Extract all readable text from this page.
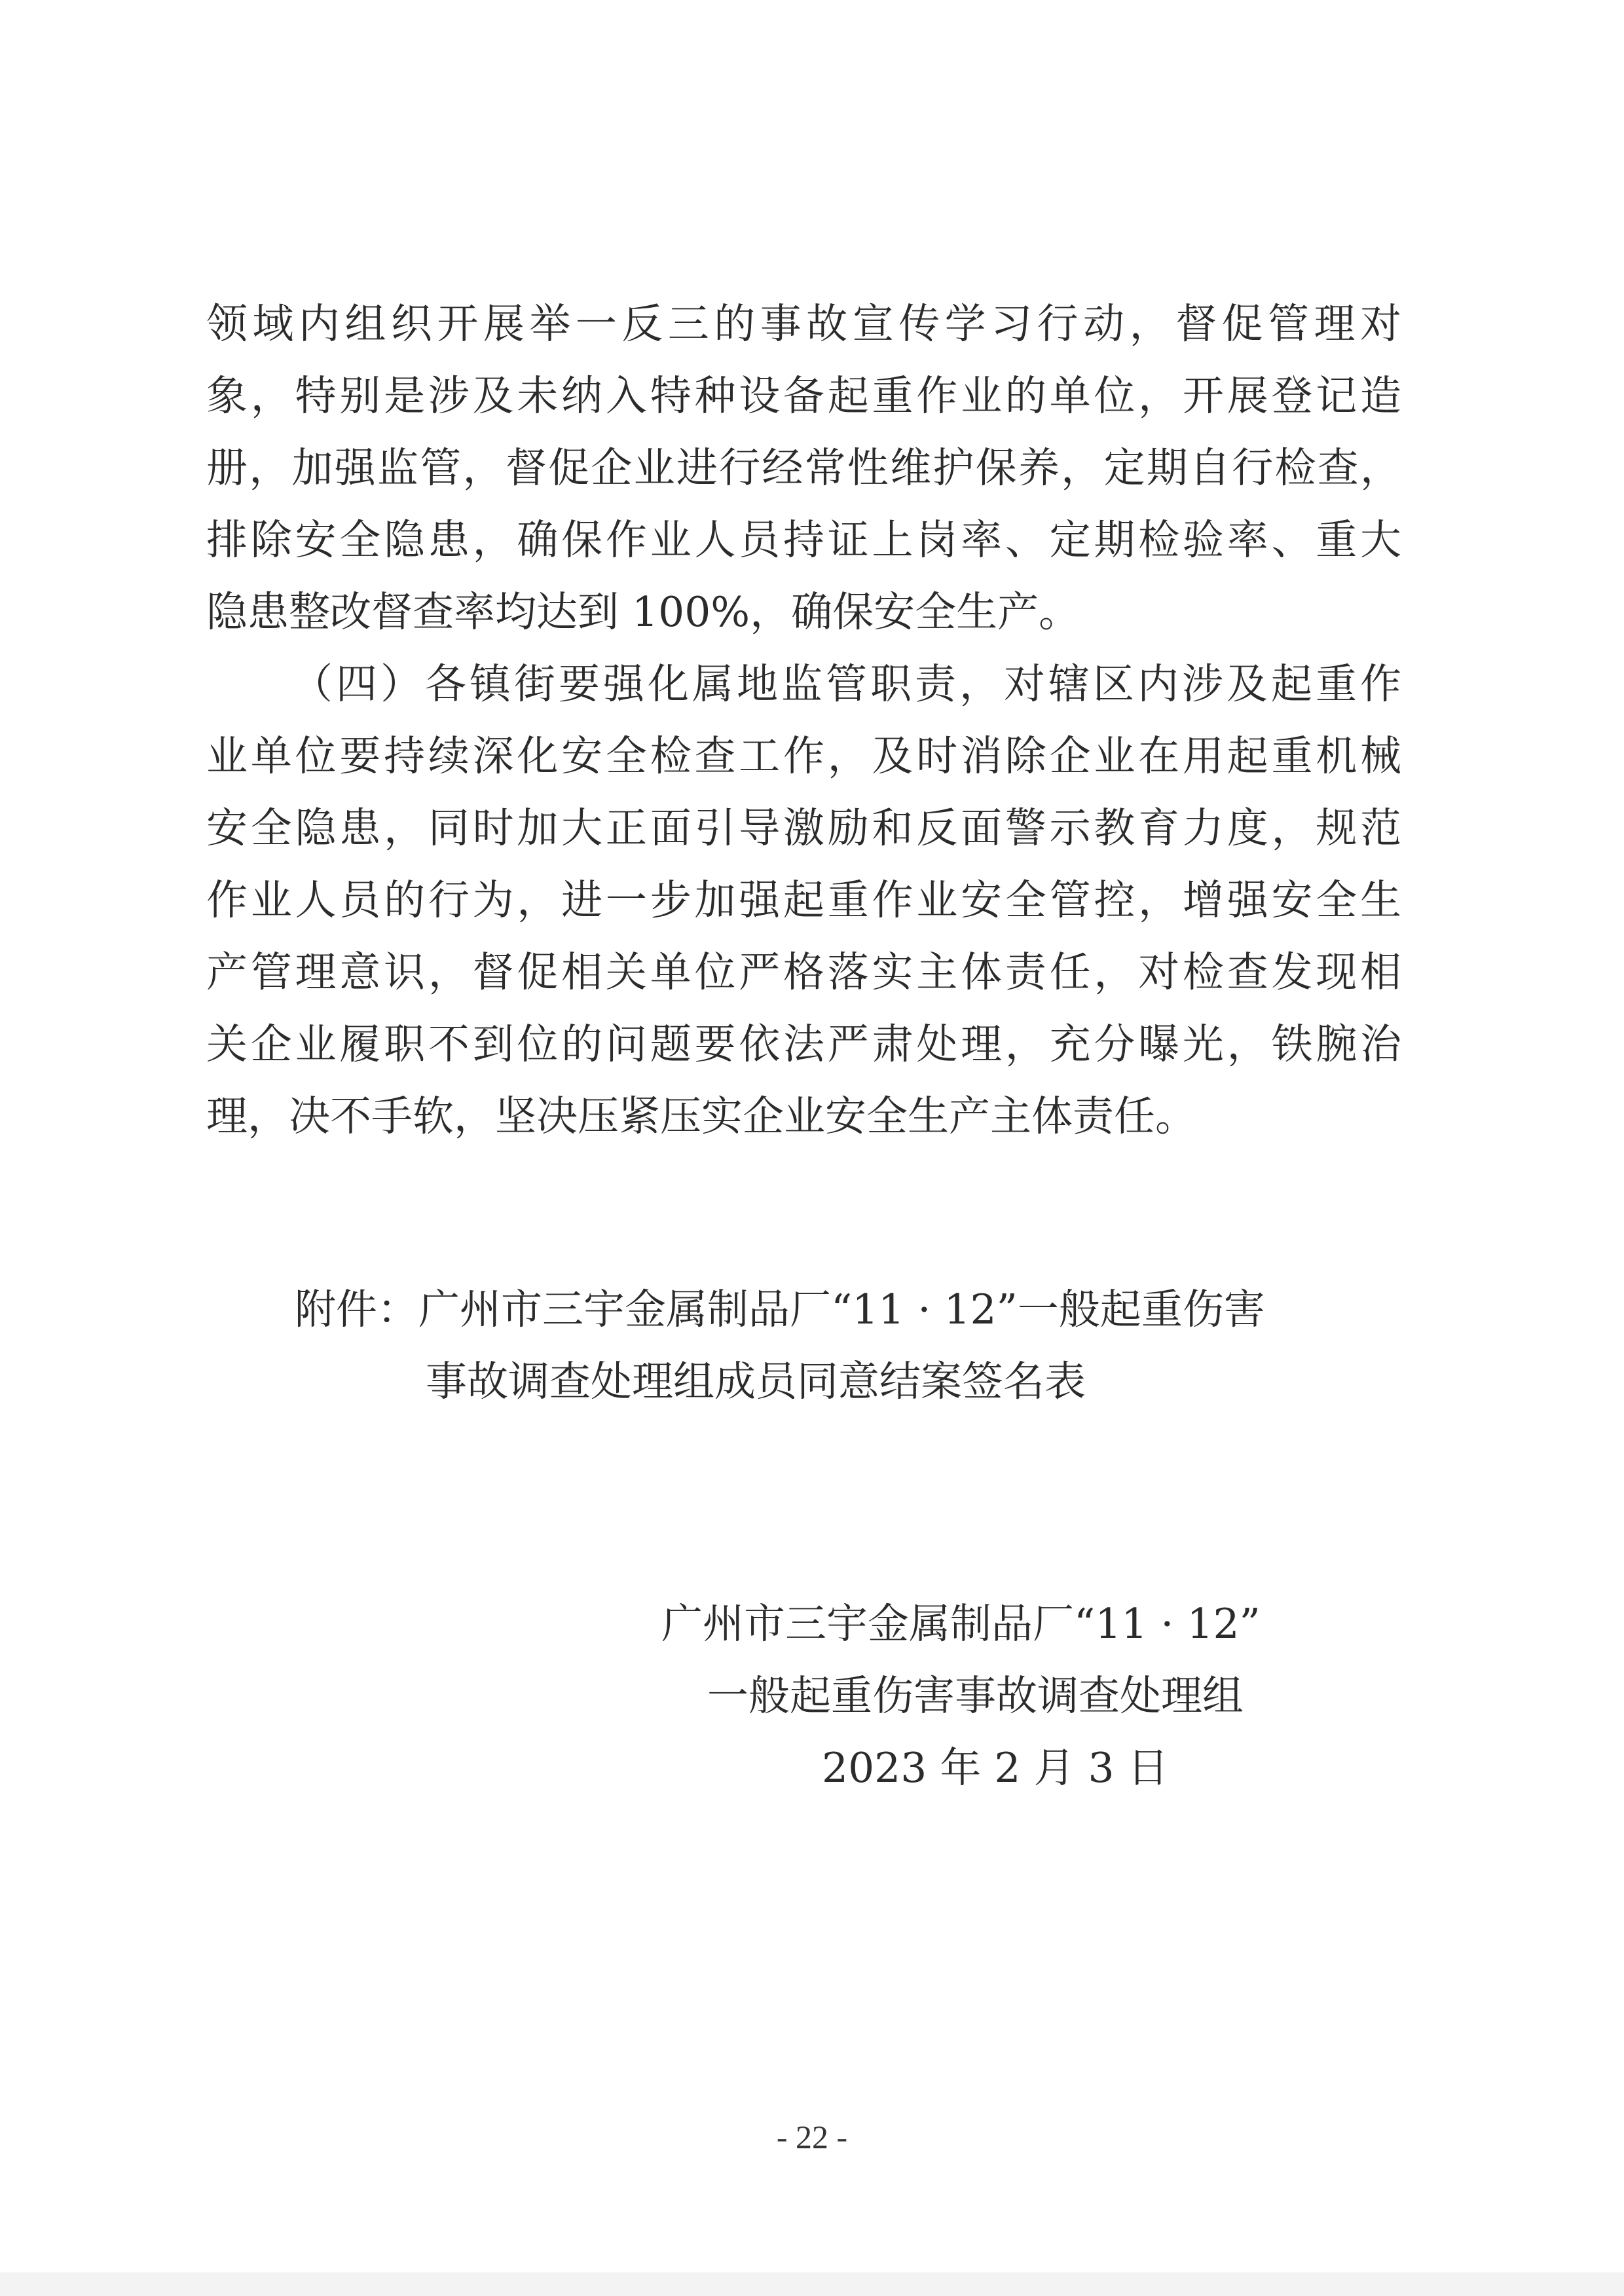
领域内组织开展举一反三的事故宣传学习行动，督促管理对
象，特别是涉及未纳入特种设备起重作业的单位，开展登记造
册，加强监管，督促企业进行经常性维护保养，定期自行检查，
排除安全隐患，确保作业人员持证上岗率、定期检验率、重大
隐患整改督查率均达到 100%，确保安全生产。
（四）各镇街要强化属地监管职责，对辖区内涉及起重作
业单位要持续深化安全检查工作，及时消除企业在用起重机械
安全隐患，同时加大正面引导激励和反面警示教育力度，规范
作业人员的行为，进一步加强起重作业安全管控，增强安全生
产管理意识，督促相关单位严格落实主体责任，对检查发现相
关企业履职不到位的问题要依法严肃处理，充分曝光，铁腕治
理，决不手软，坚决压紧压实企业安全生产主体责任。
附件：广州市三宇金属制品厂“11 · 12”一般起重伤害
事故调查处理组成员同意结案签名表
广州市三宇金属制品厂“11 · 12”
一般起重伤害事故调查处理组
2023 年 2 月 3 日
- 22 -
